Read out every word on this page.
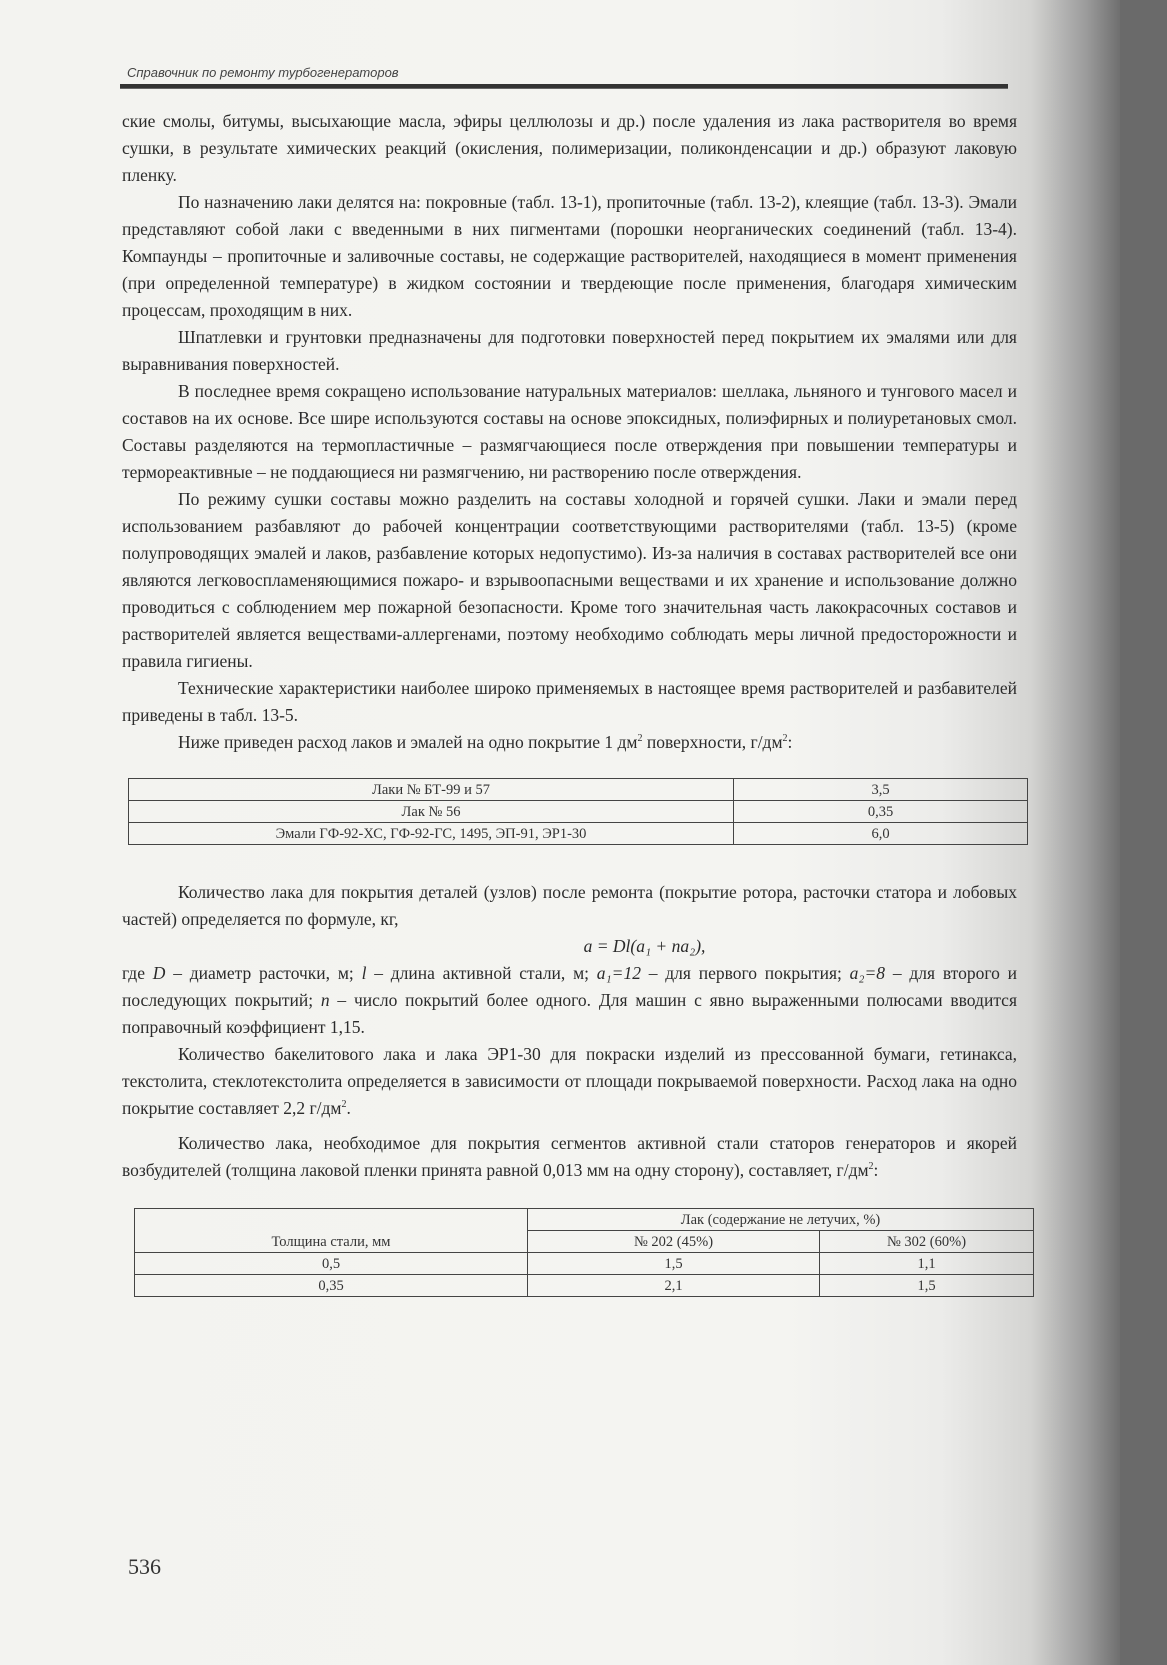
Справочник по ремонту турбогенераторов

ские смолы, битумы, высыхающие масла, эфиры целлюлозы и др.) после удаления из лака растворителя во время сушки, в результате химических реакций (окисления, полимеризации, поликонденсации и др.) образуют лаковую пленку.

По назначению лаки делятся на: покровные (табл. 13-1), пропиточные (табл. 13-2), клеящие (табл. 13-3). Эмали представляют собой лаки с введенными в них пигментами (порошки неорганических соединений (табл. 13-4). Компаунды – пропиточные и заливочные составы, не содержащие растворителей, находящиеся в момент применения (при определенной температуре) в жидком состоянии и твердеющие после применения, благодаря химическим процессам, проходящим в них.

Шпатлевки и грунтовки предназначены для подготовки поверхностей перед покрытием их эмалями или для выравнивания поверхностей.

В последнее время сокращено использование натуральных материалов: шеллака, льняного и тунгового масел и составов на их основе. Все шире используются составы на основе эпоксидных, полиэфирных и полиуретановых смол. Составы разделяются на термопластичные – размягчающиеся после отверждения при повышении температуры и термореактивные – не поддающиеся ни размягчению, ни растворению после отверждения.

По режиму сушки составы можно разделить на составы холодной и горячей сушки. Лаки и эмали перед использованием разбавляют до рабочей концентрации соответствующими растворителями (табл. 13-5) (кроме полупроводящих эмалей и лаков, разбавление которых недопустимо). Из-за наличия в составах растворителей все они являются легковоспламеняющимися пожаро- и взрывоопасными веществами и их хранение и использование должно проводиться с соблюдением мер пожарной безопасности. Кроме того значительная часть лакокрасочных составов и растворителей является веществами-аллергенами, поэтому необходимо соблюдать меры личной предосторожности и правила гигиены.

Технические характеристики наиболее широко применяемых в настоящее время растворителей и разбавителей приведены в табл. 13-5.

Ниже приведен расход лаков и эмалей на одно покрытие 1 $дм^2$ поверхности, $г/дм^2$:

Лаки № БТ-99 и 57	3,5
Лак № 56	0,35
Эмали ГФ-92-ХС, ГФ-92-ГС, 1495, ЭП-91, ЭР1-30	6,0

Количество лака для покрытия деталей (узлов) после ремонта (покрытие ротора, расточки статора и лобовых частей) определяется по формуле, кг,

a = Dl(a₁ + na₂),

где D – диаметр расточки, м; l – длина активной стали, м; a₁=12 – для первого покрытия; a₂=8 – для второго и последующих покрытий; n – число покрытий более одного. Для машин с явно выраженными полюсами вводится поправочный коэффициент 1,15.

Количество бакелитового лака и лака ЭР1-30 для покраски изделий из прессованной бумаги, гетинакса, текстолита, стеклотекстолита определяется в зависимости от площади покрываемой поверхности. Расход лака на одно покрытие составляет 2,2 $г/дм^2$.

Количество лака, необходимое для покрытия сегментов активной стали статоров генераторов и якорей возбудителей (толщина лаковой пленки принята равной 0,013 мм на одну сторону), составляет, $г/дм^2$:

Толщина стали, мм	Лак (содержание не летучих, %)	
	№ 202 (45%)	№ 302 (60%)
0,5	1,5	1,1
0,35	2,1	1,5
536
